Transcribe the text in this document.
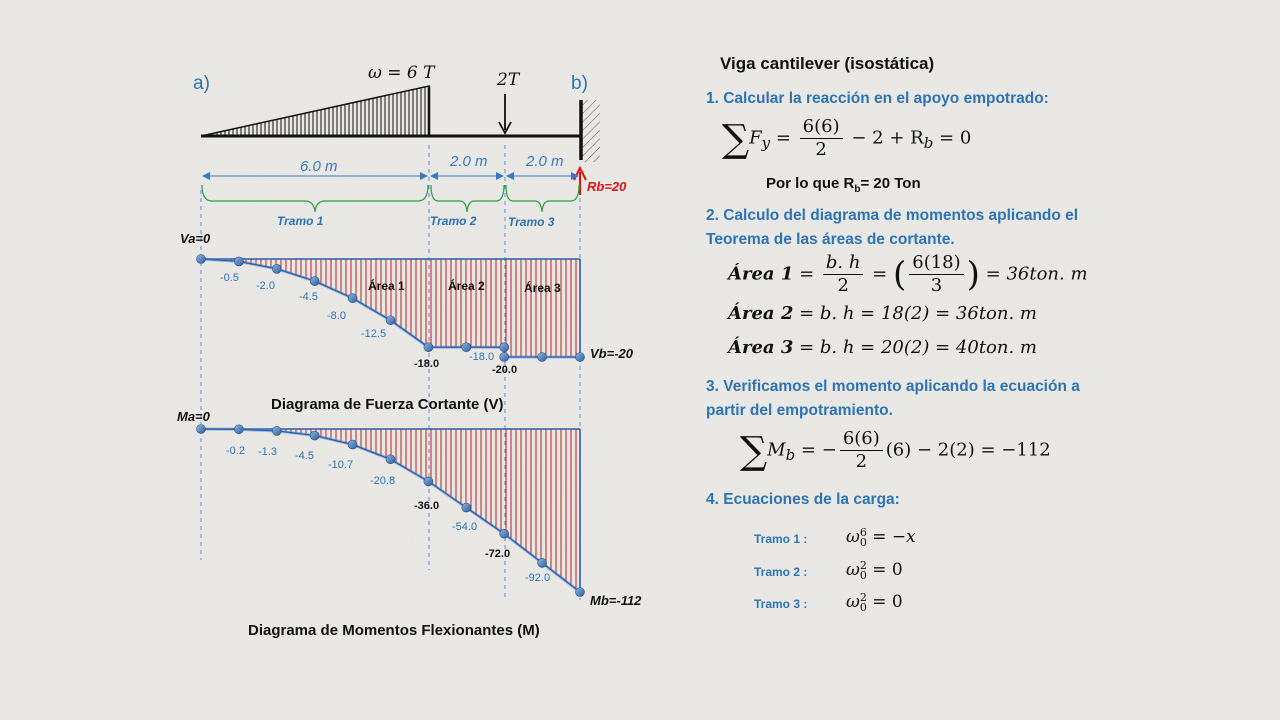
a)	b)
ω = 6 T	2T
6.0 m	2.0 m	2.0 m
Rb=20
Tramo 1	Tramo 2	Tramo 3
Va=0
Vb=-20
-0.5
-2.0
-4.5
-8.0
-12.5
-18.0
-18.0
-20.0
Área 1	Área 2	Área 3
Diagrama de Fuerza Cortante (V)
Ma=0
Mb=-112
-0.2 -1.3 -4.5
-10.7
-20.8
-36.0
-54.0
-72.0
-92.0
Diagrama de Momentos Flexionantes (M)
Viga cantilever (isostática)
1. Calcular la reacción en el apoyo empotrado:
$\sum F_y = \frac{6(6)}{2} - 2 + R_b = 0$
Por lo que $R_b= 20$ Ton
2. Calculo del diagrama de momentos aplicando el
Teorema de las áreas de cortante.
Área $1 = \frac{b. h}{2}$ = ( $\frac{6(18)}{3}$ ) = 36ton. m
Área 2 = b. h = 18(2) = 36ton. m
Área 3 = b. h = 20(2) = 40ton. m
3. Verificamos el momento aplicando la ecuación a
partir del empotramiento.
$\sum M_b$ = − $\frac{6(6)}{2} (6) - 2(2) = -112$
4. Ecuaciones de la carga:
Tramo 1 : ω 6
0 = −x
Tramo 2 : ω 2
0 = 0
Tramo 3 : ω 2
0 = 0
